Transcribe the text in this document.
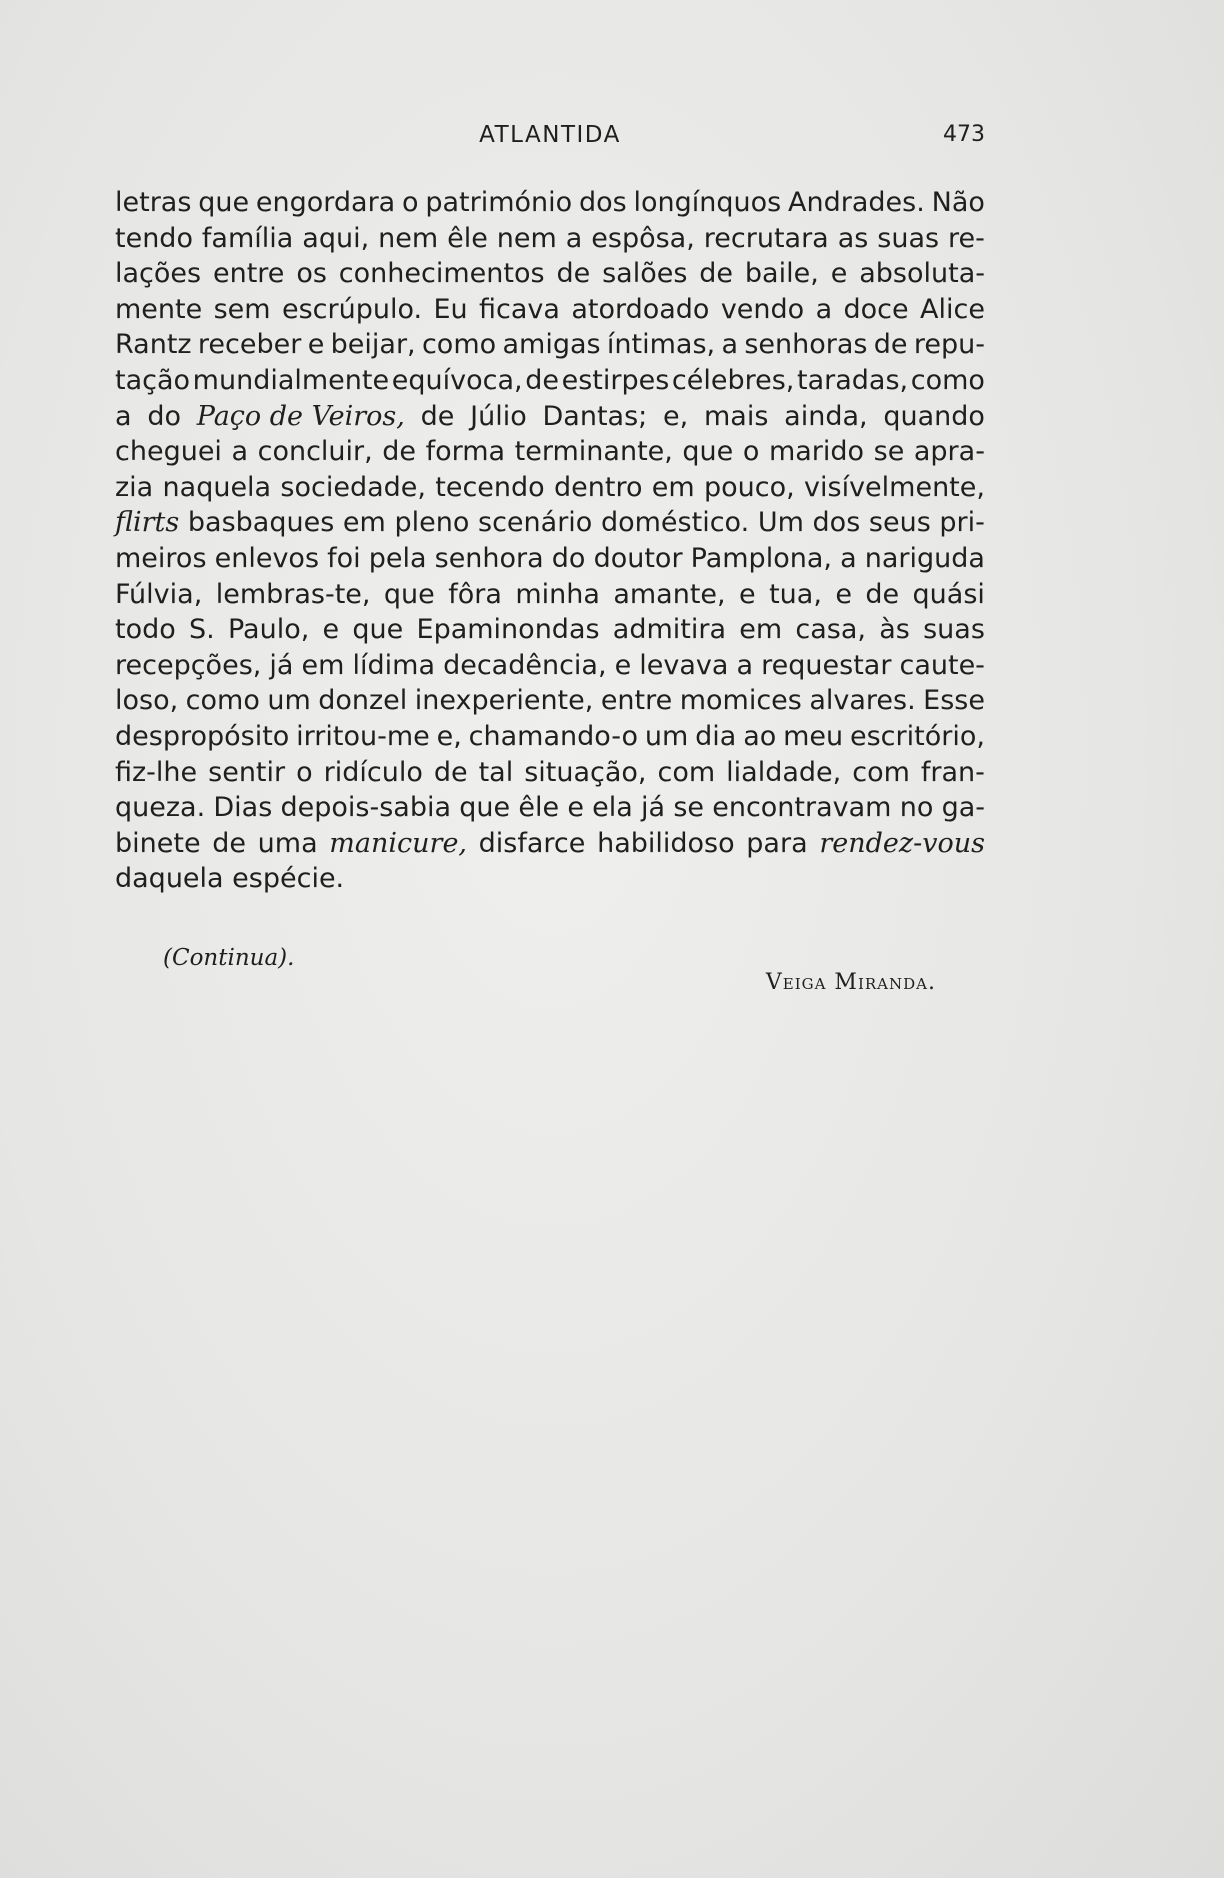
ATLANTIDA	473
letras que engordara o património dos longínquos Andrades. Não
tendo família aqui, nem êle nem a espôsa, recrutara as suas re-
lações entre os conhecimentos de salões de baile, e absoluta-
mente sem escrúpulo. Eu ficava atordoado vendo a doce Alice
Rantz receber e beijar, como amigas íntimas, a senhoras de repu-
tação mundialmente equívoca, de estirpes célebres, taradas, como
a do Paço de Veiros, de Júlio Dantas; e, mais ainda, quando
cheguei a concluir, de forma terminante, que o marido se apra-
zia naquela sociedade, tecendo dentro em pouco, visívelmente,
flirts basbaques em pleno scenário doméstico. Um dos seus pri-
meiros enlevos foi pela senhora do doutor Pamplona, a nariguda
Fúlvia, lembras-te, que fôra minha amante, e tua, e de quási
todo S. Paulo, e que Epaminondas admitira em casa, às suas
recepções, já em lídima decadência, e levava a requestar caute-
loso, como um donzel inexperiente, entre momices alvares. Esse
despropósito irritou-me e, chamando-o um dia ao meu escritório,
fiz-lhe sentir o ridículo de tal situação, com lialdade, com fran-
queza. Dias depois-sabia que êle e ela já se encontravam no ga-
binete de uma manicure, disfarce habilidoso para rendez-vous
daquela espécie.
(Continua).
Veiga Miranda.
